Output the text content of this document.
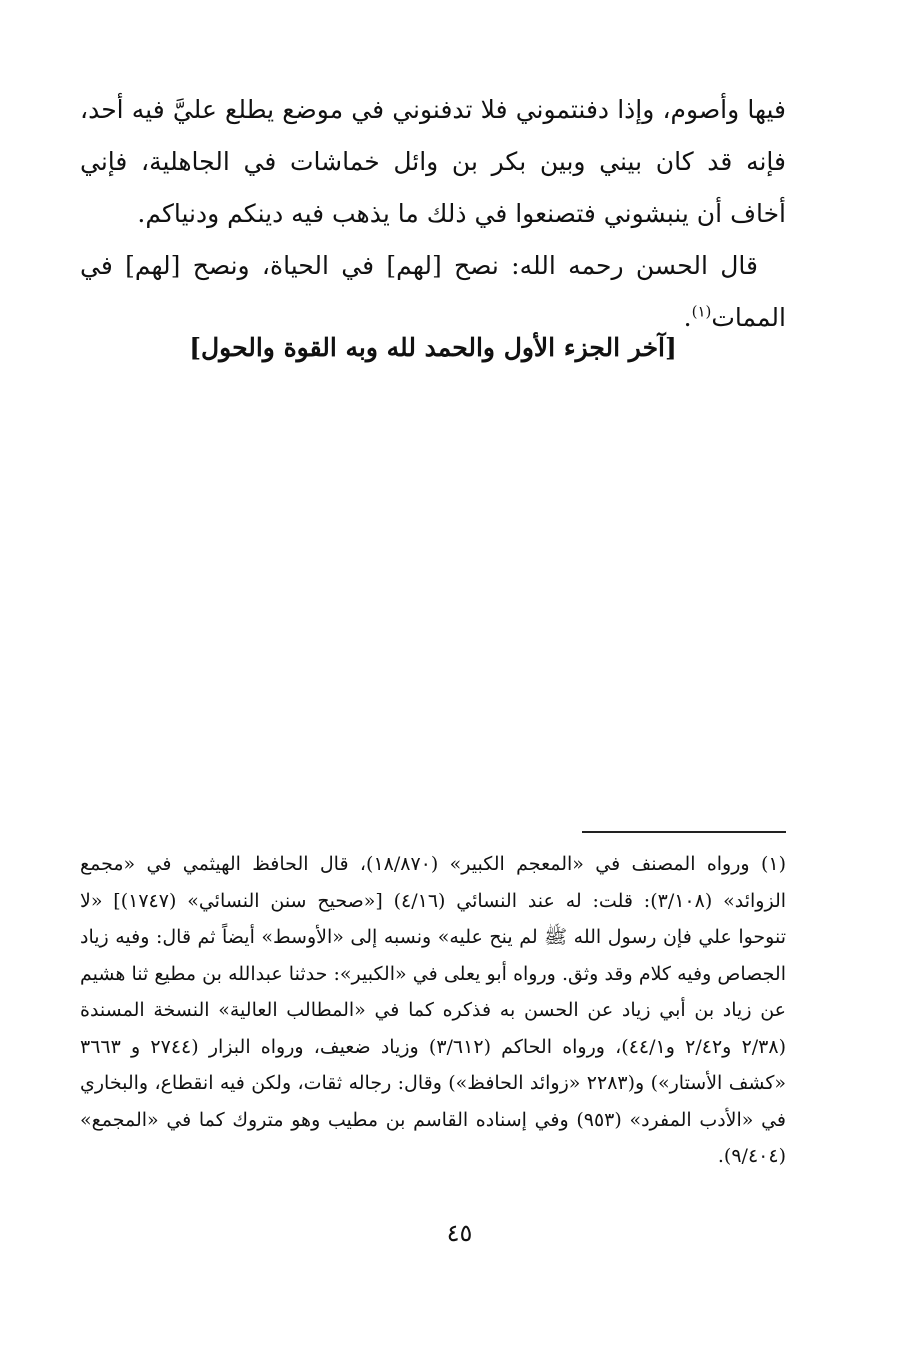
فيها وأصوم، وإذا دفنتموني فلا تدفنوني في موضع يطلع عليَّ فيه أحد، فإنه قد كان بيني وبين بكر بن وائل خماشات في الجاهلية، فإني أخاف أن ينبشوني فتصنعوا في ذلك ما يذهب فيه دينكم ودنياكم.

قال الحسن رحمه الله: نصح [لهم] في الحياة، ونصح [لهم] في الممات$^{(١)}$.

[آخر الجزء الأول والحمد لله وبه القوة والحول]

(١) ورواه المصنف في «المعجم الكبير» (١٨/٨٧٠)، قال الحافظ الهيثمي في «مجمع الزوائد» (٣/١٠٨): قلت: له عند النسائي (٤/١٦) [«صحيح سنن النسائي» (١٧٤٧)] «لا تنوحوا علي فإن رسول الله ﷺ لم ينح عليه» ونسبه إلى «الأوسط» أيضاً ثم قال: وفيه زياد الجصاص وفيه كلام وقد وثق. ورواه أبو يعلى في «الكبير»: حدثنا عبدالله بن مطيع ثنا هشيم عن زياد بن أبي زياد عن الحسن به فذكره كما في «المطالب العالية» النسخة المسندة (٢/٣٨ و٢/٤٢ و٤٤/١)، ورواه الحاكم (٣/٦١٢) وزياد ضعيف، ورواه البزار (٢٧٤٤ و ٣٦٦٣ «كشف الأستار») و(٢٢٨٣ «زوائد الحافظ») وقال: رجاله ثقات، ولكن فيه انقطاع، والبخاري في «الأدب المفرد» (٩٥٣) وفي إسناده القاسم بن مطيب وهو متروك كما في «المجمع» (٩/٤٠٤).

٤٥
